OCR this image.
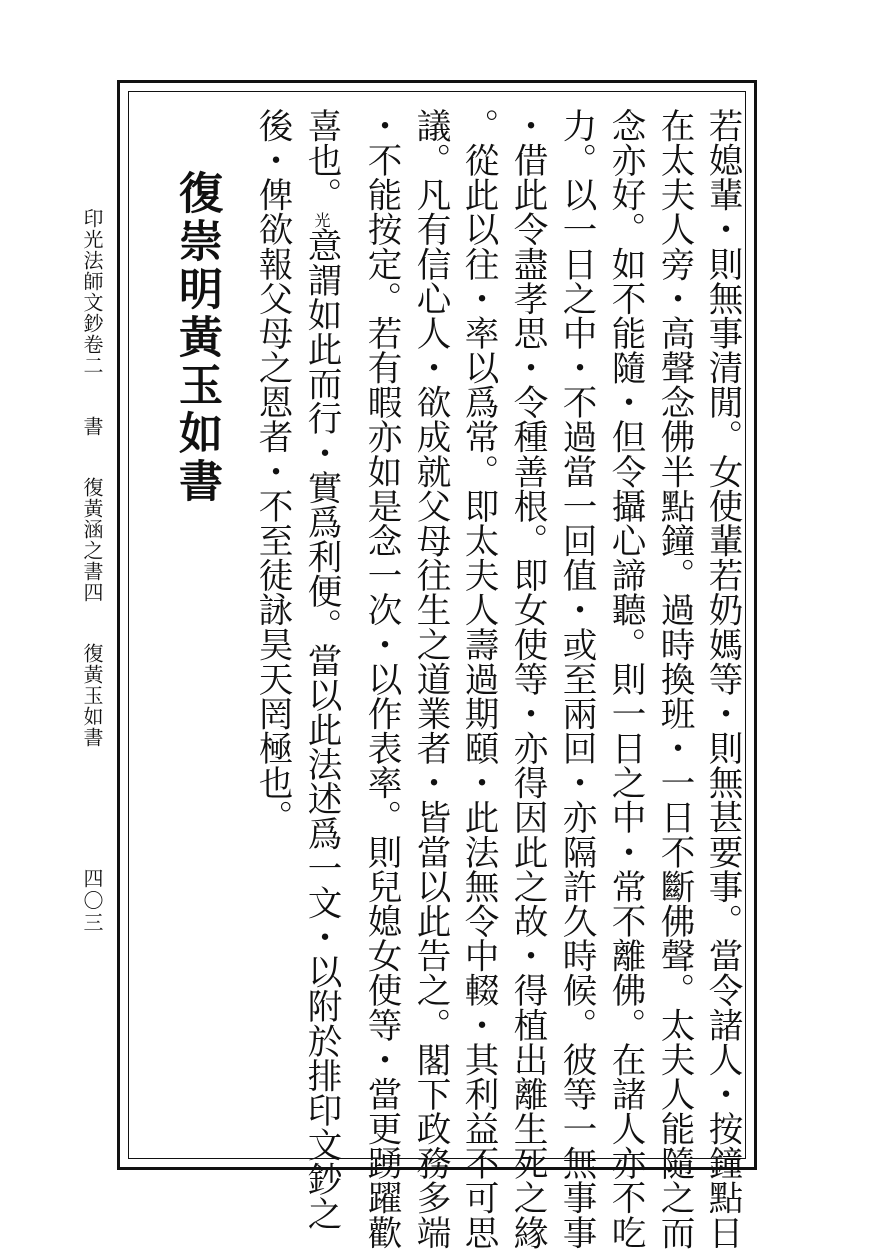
印光法師文鈔卷二書復黃涵之書四復黃玉如書
四〇三	若媳輩・則無事清閒。女使輩若奶媽等・則無甚要事。當令諸人・按鐘點日
在太夫人旁・高聲念佛半點鐘。過時換班・一日不斷佛聲。太夫人能隨之而
念亦好。如不能隨・但令攝心諦聽。則一日之中・常不離佛。在諸人亦不吃
力。以一日之中・不過當一回值・或至兩回・亦隔許久時候。彼等一無事事
・借此令盡孝思・令種善根。即女使等・亦得因此之故・得植出離生死之緣
。從此以往・率以爲常。即太夫人壽過期頤・此法無令中輟・其利益不可思
議。凡有信心人・欲成就父母往生之道業者・皆當以此告之。閣下政務多端
・不能按定。若有暇亦如是念一次・以作表率。則兒媳女使等・當更踴躍歡
喜也。光意謂如此而行・實爲利便。當以此法述爲一文・以附於排印文鈔之
後・俾欲報父母之恩者・不至徒詠昊天罔極也。
復崇明黃玉如書
